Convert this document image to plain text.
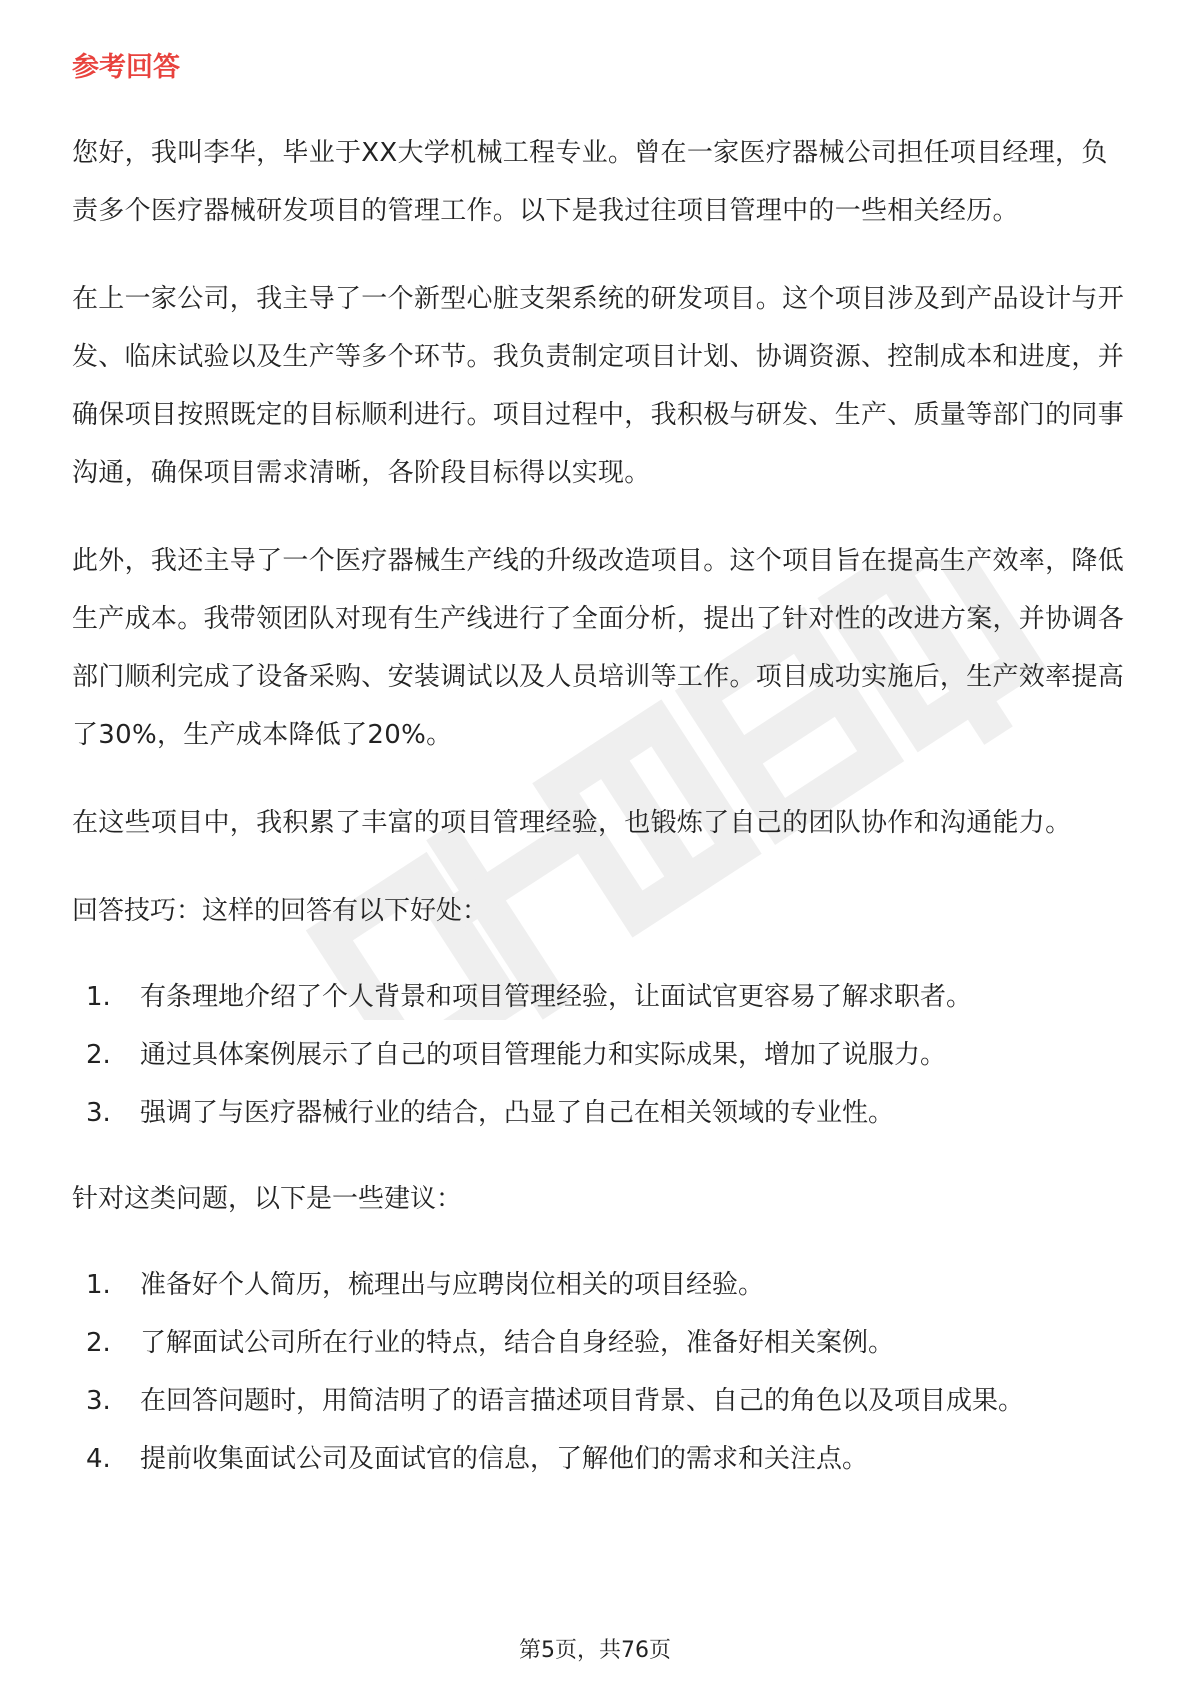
参考回答

您好，我叫李华，毕业于XX大学机械工程专业。曾在一家医疗器械公司担任项目经理，负责多个医疗器械研发项目的管理工作。以下是我过往项目管理中的一些相关经历。

在上一家公司，我主导了一个新型心脏支架系统的研发项目。这个项目涉及到产品设计与开发、临床试验以及生产等多个环节。我负责制定项目计划、协调资源、控制成本和进度，并确保项目按照既定的目标顺利进行。项目过程中，我积极与研发、生产、质量等部门的同事沟通，确保项目需求清晰，各阶段目标得以实现。

此外，我还主导了一个医疗器械生产线的升级改造项目。这个项目旨在提高生产效率，降低生产成本。我带领团队对现有生产线进行了全面分析，提出了针对性的改进方案，并协调各部门顺利完成了设备采购、安装调试以及人员培训等工作。项目成功实施后，生产效率提高了30%，生产成本降低了20%。

在这些项目中，我积累了丰富的项目管理经验，也锻炼了自己的团队协作和沟通能力。

回答技巧：这样的回答有以下好处：
1.	有条理地介绍了个人背景和项目管理经验，让面试官更容易了解求职者。
2.	通过具体案例展示了自己的项目管理能力和实际成果，增加了说服力。
3.	强调了与医疗器械行业的结合，凸显了自己在相关领域的专业性。
针对这类问题，以下是一些建议：
1.	准备好个人简历，梳理出与应聘岗位相关的项目经验。
2.	了解面试公司所在行业的特点，结合自身经验，准备好相关案例。
3.	在回答问题时，用简洁明了的语言描述项目背景、自己的角色以及项目成果。
4.	提前收集面试公司及面试官的信息，了解他们的需求和关注点。
第5页，共76页
